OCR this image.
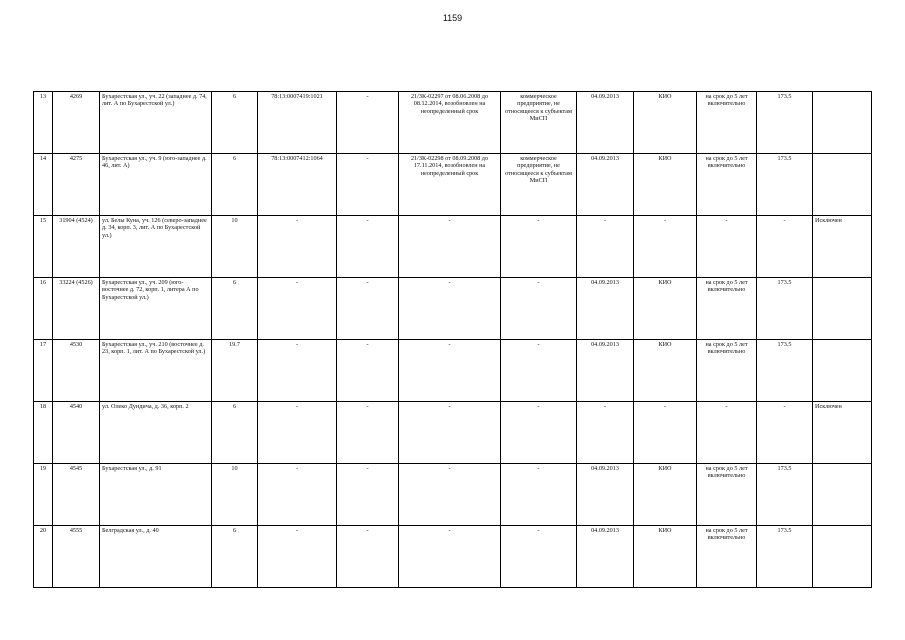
1159
13	4269	Бухарестская ул., уч. 22 (западнее д. 74, лит. А по Бухарестской ул.)	6	78:13:0007419:1021	-	21/ЗК-02297 от 08.06.2008 до 08.12.2014, возобновлен на неопределенный срок	коммерческое предприятие, не относящееся к субъектам МиСП	04.09.2013	КИО	на срок до 5 лет включительно	173.5	
14	4275	Бухарестская ул., уч. 9 (юго-западнее д. 46, лит. А)	6	78:13:0007412:1064	-	21/ЗК-02298 от 08.09.2008 до 17.11.2014, возобновлен на неопределенный срок	коммерческое предприятие, не относящееся к субъектам МиСП	04.09.2013	КИО	на срок до 5 лет включительно	173.5	
15	31904 (4524)	ул. Белы Куна, уч. 126 (северо-западнее д. 34, корп. 3, лит. А по Бухарестской ул.)	10	-	-	-	-	-	-	-	-	Исключен
16	33224 (4526)	Бухарестская ул., уч. 209 (юго-восточнее д. 72, корп. 1, литера А по Бухарестской ул.)	6	-	-	-	-	04.09.2013	КИО	на срок до 5 лет включительно	173.5	
17	4530	Бухарестская ул., уч. 210 (восточнее д. 23, корп. 1, лит. А по Бухарестской ул.)	19.7	-	-	-	-	04.09.2013	КИО	на срок до 5 лет включительно	173.5	
18	4540	ул. Олеко Дундича, д. 36, корп. 2	6	-	-	-	-	-	-	-	-	Исключен
19	4545	Бухарестская ул., д. 91	10	-	-	-	-	04.09.2013	КИО	на срок до 5 лет включительно	173.5	
20	4555	Белградская ул., д. 40	6	-	-	-	-	04.09.2013	КИО	на срок до 5 лет включительно	173.5	
